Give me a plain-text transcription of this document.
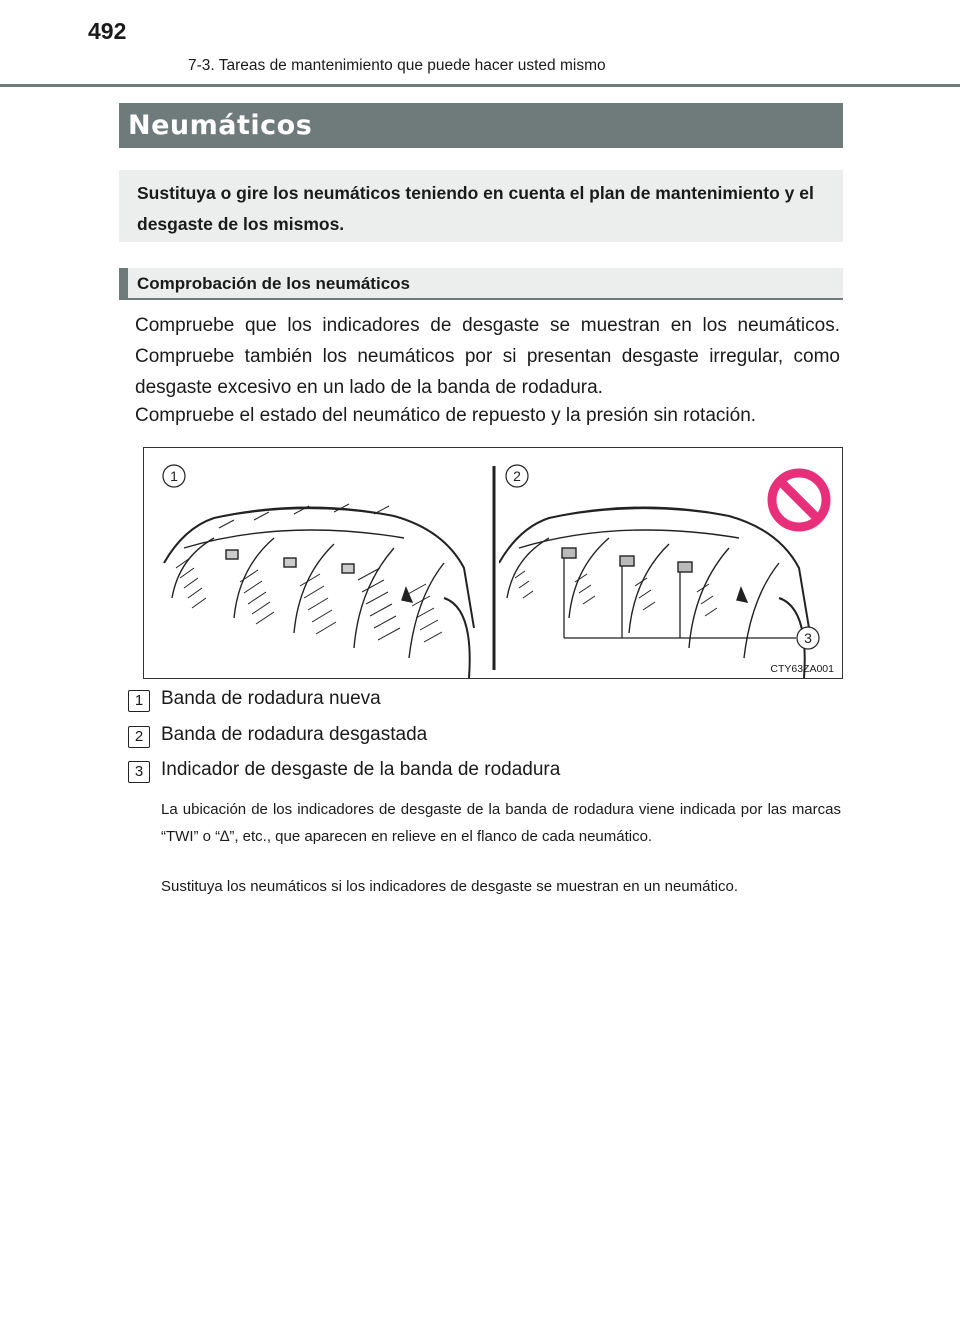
492
7-3. Tareas de mantenimiento que puede hacer usted mismo
Neumáticos
Sustituya o gire los neumáticos teniendo en cuenta el plan de mantenimiento y el desgaste de los mismos.
Comprobación de los neumáticos
Compruebe que los indicadores de desgaste se muestran en los neumáticos. Compruebe también los neumáticos por si presentan desgaste irregular, como desgaste excesivo en un lado de la banda de rodadura.
Compruebe el estado del neumático de repuesto y la presión sin rotación.
1	2
3
CTY63ZA001
1 Banda de rodadura nueva
2 Banda de rodadura desgastada
3 Indicador de desgaste de la banda de rodadura
La ubicación de los indicadores de desgaste de la banda de rodadura viene indicada por las marcas “TWI” o “∆”, etc., que aparecen en relieve en el flanco de cada neumático.
Sustituya los neumáticos si los indicadores de desgaste se muestran en un neumático.
